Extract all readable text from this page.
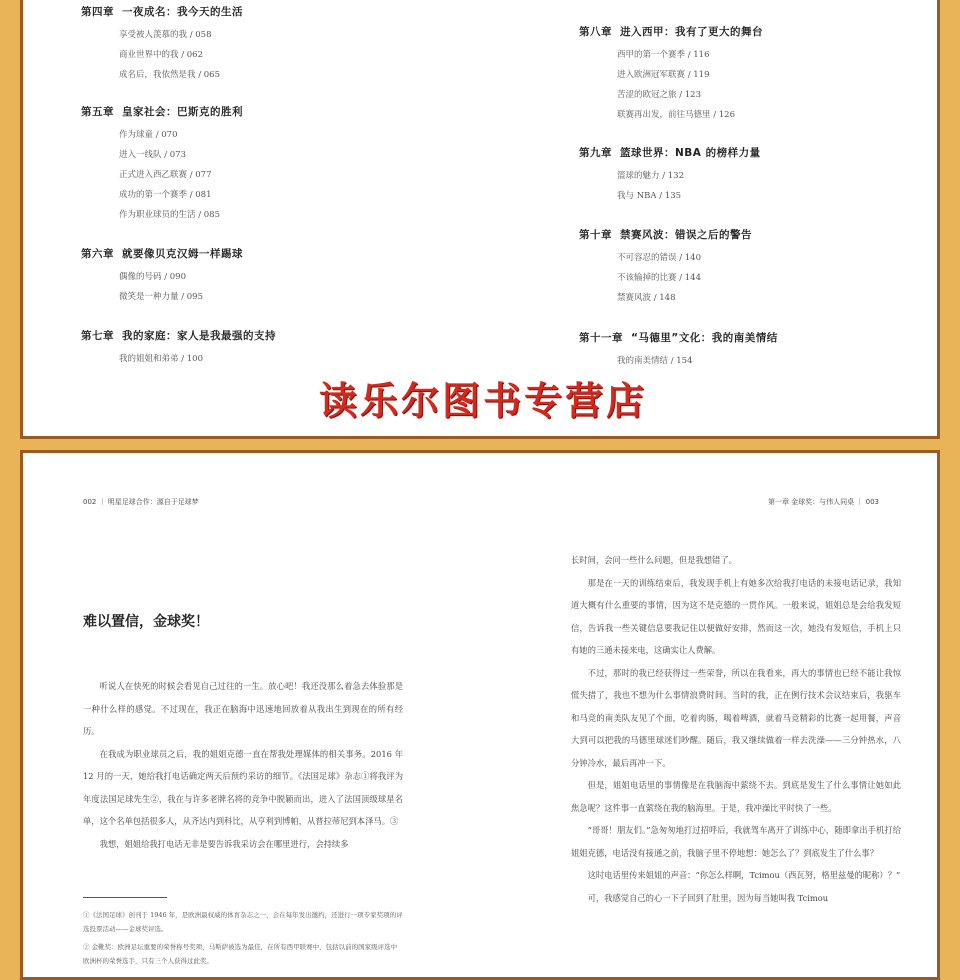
第四章 一夜成名：我今天的生活
享受被人羡慕的我 / 058
商业世界中的我 / 062
成名后，我依然是我 / 065
第五章 皇家社会：巴斯克的胜利
作为球童 / 070
进入一线队 / 073
正式进入西乙联赛 / 077
成功的第一个赛季 / 081
作为职业球员的生活 / 085
第六章 就要像贝克汉姆一样踢球
偶像的号码 / 090
微笑是一种力量 / 095
第七章 我的家庭：家人是我最强的支持
我的姐姐和弟弟 / 100
第八章 进入西甲：我有了更大的舞台
西甲的第一个赛季 / 116
进入欧洲冠军联赛 / 119
苦涩的欧冠之旅 / 123
联赛再出发，前往马德里 / 126
第九章 篮球世界：NBA 的榜样力量
篮球的魅力 / 132
我与 NBA / 135
第十章 禁赛风波：错误之后的警告
不可容忍的错误 / 140
不该输掉的比赛 / 144
禁赛风波 / 148
第十一章 “马德里”文化：我的南美情结
我的南美情结 / 154
读乐尔图书专营店
002 ｜ 明星足球合作：源自于足球梦	第一章 金球奖：与伟人同桌 ｜ 003
难以置信，金球奖！

听说人在快死的时候会看见自己过往的一生。放心吧！我还没那么着急去体验那是一种什么样的感觉。不过现在，我正在脑海中迅速地回放着从我出生到现在的所有经历。

在我成为职业球员之后，我的姐姐克德一直在帮我处理媒体的相关事务。2016 年 12 月的一天，她给我打电话确定两天后预约采访的细节。《法国足球》杂志①将我评为年度法国足球先生②，我在与许多老牌名将的竞争中脱颖而出，进入了法国顶级球星名单，这个名单包括很多人，从齐达内到科比，从亨利到博帕，从普拉蒂尼到本泽马。③

我想，姐姐给我打电话无非是要告诉我采访会在哪里进行，会持续多

①《法国足球》创刊于 1946 年，是欧洲最权威的体育杂志之一，会在每年发出邀约，还进行一项专家奖项的评选投票活动——金球奖评选。

② 金靴奖：欧洲足坛重要的荣誉称号奖项，马斯萨被选为最佳，在所有西甲联赛中，包括以前的国家级评选中欧洲杯的荣誉选手，只有三个人获得过此奖。

长时间，会问一些什么问题，但是我想错了。

那是在一天的训练结束后，我发现手机上有她多次给我打电话的未接电话记录，我知道大概有什么重要的事情，因为这不是克德的一贯作风。一般来说，姐姐总是会给我发短信，告诉我一些关键信息要我记住以便做好安排，然而这一次，她没有发短信，手机上只有她的三通未接来电，这确实让人费解。

不过，那时的我已经获得过一些荣誉，所以在我看来，再大的事情也已经不能让我惊慌失措了，我也不想为什么事情浪费时间。当时的我，正在例行技术会议结束后，我驱车和马竞的南美队友见了个面，吃着肉肠，喝着啤酒，就着马竞精彩的比赛一起用餐，声音大到可以把我的马德里球迷们吵醒。随后，我又继续做着一样去洗澡——三分钟热水，八分钟冷水，最后再冲一下。

但是，姐姐电话里的事情像是在我脑海中萦绕不去。到底是发生了什么事情让她如此焦急呢？这件事一直萦绕在我的脑海里。于是，我冲澡比平时快了一些。

“哥哥！朋友们。”急匆匆地打过招呼后，我就驾车离开了训练中心，随即拿出手机打给姐姐克德，电话没有接通之前，我脑子里不停地想：她怎么了？到底发生了什么事？

这时电话里传来姐姐的声音：“你怎么样啊，Tcimou（西瓦努，格里兹曼的昵称）？”

可，我感觉自己的心一下子回到了肚里，因为每当她叫我 Tcimou
